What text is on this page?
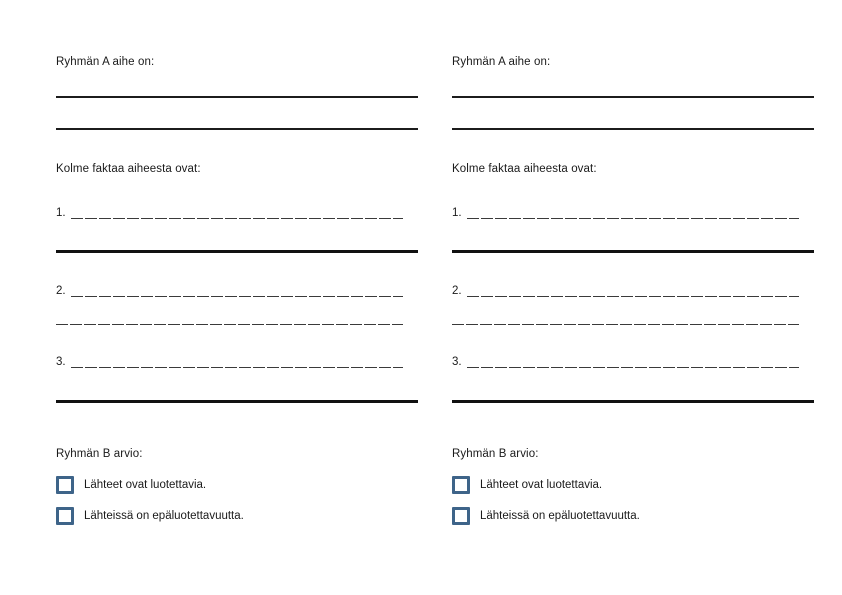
Ryhmän A aihe on:
Kolme faktaa aiheesta ovat:
1.
2.
3.
Ryhmän B arvio:
Lähteet ovat luotettavia.
Lähteissä on epäluotettavuutta.
Ryhmän A aihe on:
Kolme faktaa aiheesta ovat:
1.
2.
3.
Ryhmän B arvio:
Lähteet ovat luotettavia.
Lähteissä on epäluotettavuutta.
